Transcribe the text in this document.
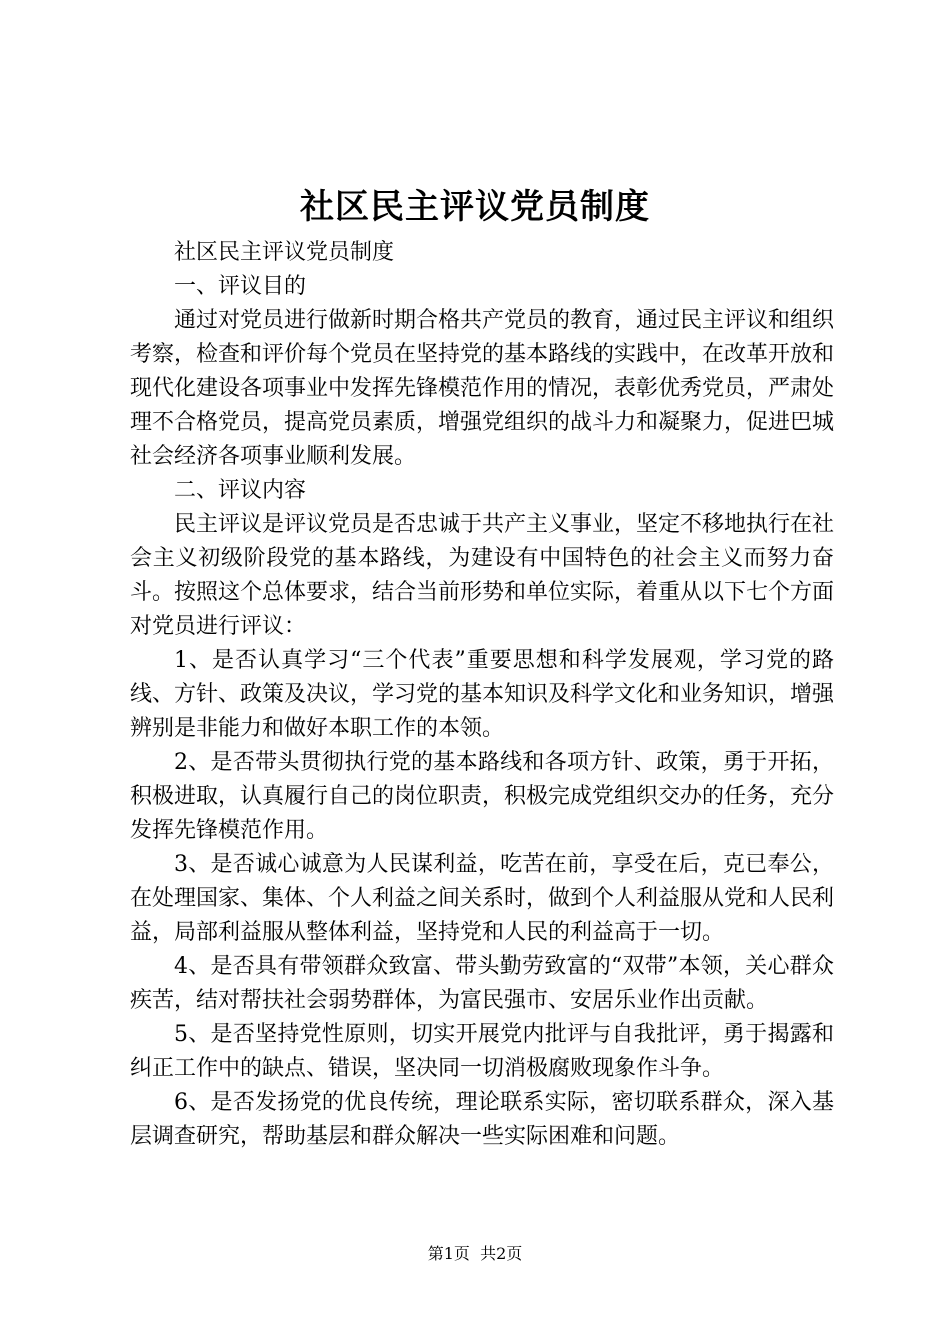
社区民主评议党员制度

社区民主评议党员制度

一、评议目的

通过对党员进行做新时期合格共产党员的教育，通过民主评议和组织考察，检查和评价每个党员在坚持党的基本路线的实践中，在改革开放和现代化建设各项事业中发挥先锋模范作用的情况，表彰优秀党员，严肃处理不合格党员，提高党员素质，增强党组织的战斗力和凝聚力，促进巴城社会经济各项事业顺利发展。

二、评议内容

民主评议是评议党员是否忠诚于共产主义事业，坚定不移地执行在社会主义初级阶段党的基本路线，为建设有中国特色的社会主义而努力奋斗。按照这个总体要求，结合当前形势和单位实际，着重从以下七个方面对党员进行评议：

1、是否认真学习“三个代表”重要思想和科学发展观，学习党的路线、方针、政策及决议，学习党的基本知识及科学文化和业务知识，增强辨别是非能力和做好本职工作的本领。

2、是否带头贯彻执行党的基本路线和各项方针、政策，勇于开拓，积极进取，认真履行自己的岗位职责，积极完成党组织交办的任务，充分发挥先锋模范作用。

3、是否诚心诚意为人民谋利益，吃苦在前，享受在后，克已奉公，在处理国家、集体、个人利益之间关系时，做到个人利益服从党和人民利益，局部利益服从整体利益，坚持党和人民的利益高于一切。

4、是否具有带领群众致富、带头勤劳致富的“双带”本领，关心群众疾苦，结对帮扶社会弱势群体，为富民强市、安居乐业作出贡献。

5、是否坚持党性原则，切实开展党内批评与自我批评，勇于揭露和纠正工作中的缺点、错误，坚决同一切消极腐败现象作斗争。

6、是否发扬党的优良传统，理论联系实际，密切联系群众，深入基层调查研究，帮助基层和群众解决一些实际困难和问题。

第1页 共2页
